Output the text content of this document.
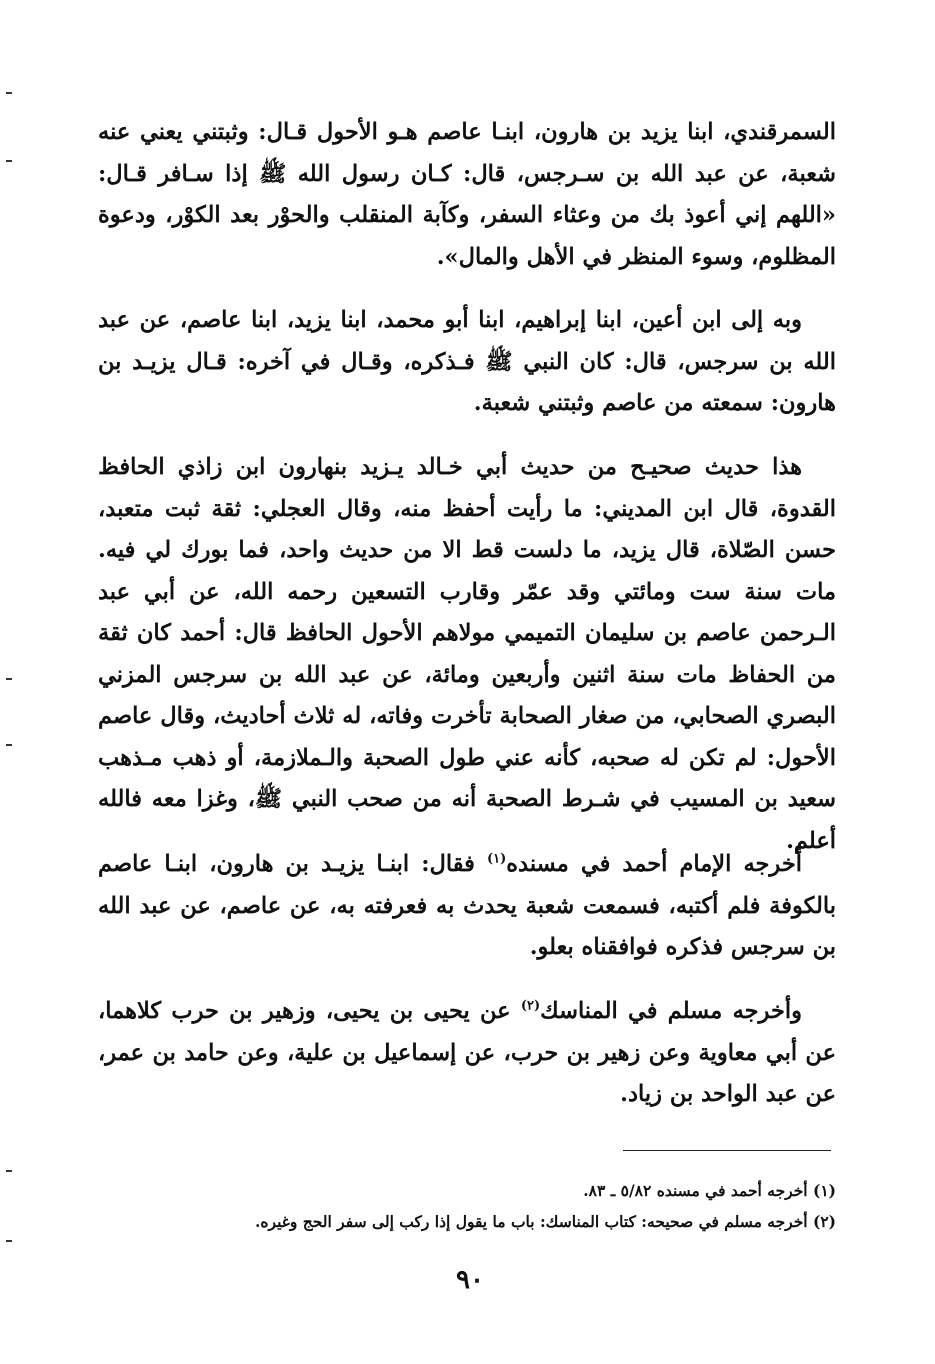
السمرقندي، ابنا يزيد بن هارون، ابنـا عاصم هـو الأحول قـال: وثبتني يعني عنه شعبة، عن عبد الله بن سـرجس، قال: كـان رسول الله ﷺ إذا سـافر قـال: «اللهم إني أعوذ بك من وعثاء السفر، وكآبة المنقلب والحوْر بعد الكوْر، ودعوة المظلوم، وسوء المنظر في الأهل والمال».

وبه إلى ابن أعين، ابنا إبراهيم، ابنا أبو محمد، ابنا يزيد، ابنا عاصم، عن عبد الله بن سرجس، قال: كان النبي ﷺ فـذكره، وقـال في آخره: قـال يزيـد بن هارون: سمعته من عاصم وثبتني شعبة.

هذا حديث صحيـح من حديث أبي خـالد يـزيد بنهارون ابن زاذي الحافظ القدوة، قال ابن المديني: ما رأيت أحفظ منه، وقال العجلي: ثقة ثبت متعبد، حسن الصّلاة، قال يزيد، ما دلست قط الا من حديث واحد، فما بورك لي فيه. مات سنة ست ومائتي وقد عمّر وقارب التسعين رحمه الله، عن أبي عبد الـرحمن عاصم بن سليمان التميمي مولاهم الأحول الحافظ قال: أحمد كان ثقة من الحفاظ مات سنة اثنين وأربعين ومائة، عن عبد الله بن سرجس المزني البصري الصحابي، من صغار الصحابة تأخرت وفاته، له ثلاث أحاديث، وقال عاصم الأحول: لم تكن له صحبه، كأنه عني طول الصحبة والـملازمة، أو ذهب مـذهب سعيد بن المسيب في شـرط الصحبة أنه من صحب النبي ﷺ، وغزا معه فالله أعلم.

أخرجه الإمام أحمد في مسنده$^{(١)}$ فقال: ابنـا يزيـد بن هارون، ابنـا عاصم بالكوفة فلم أكتبه، فسمعت شعبة يحدث به فعرفته به، عن عاصم، عن عبد الله بن سرجس فذكره فوافقناه بعلو.

وأخرجه مسلم في المناسك$^{(٢)}$ عن يحيى بن يحيى، وزهير بن حرب كلاهما، عن أبي معاوية وعن زهير بن حرب، عن إسماعيل بن علية، وعن حامد بن عمر، عن عبد الواحد بن زياد.

(١) أخرجه أحمد في مسنده ٥/٨٢ ـ ٨٣.
(٢) أخرجه مسلم في صحيحه: كتاب المناسك: باب ما يقول إذا ركب إلى سفر الحج وغيره.
٩٠
